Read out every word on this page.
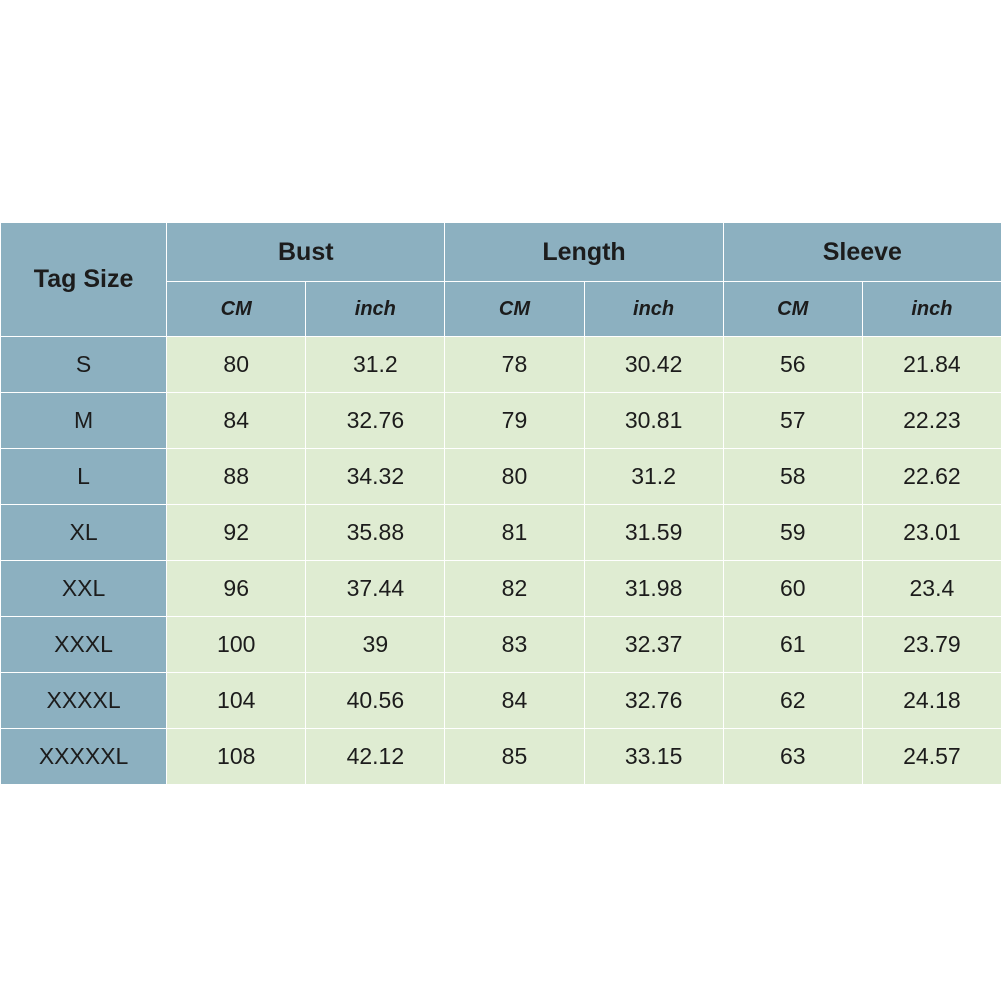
Tag Size	Bust		Length		Sleeve	
	CM	inch	CM	inch	CM	inch
S	80	31.2	78	30.42	56	21.84
M	84	32.76	79	30.81	57	22.23
L	88	34.32	80	31.2	58	22.62
XL	92	35.88	81	31.59	59	23.01
XXL	96	37.44	82	31.98	60	23.4
XXXL	100	39	83	32.37	61	23.79
XXXXL	104	40.56	84	32.76	62	24.18
XXXXXL	108	42.12	85	33.15	63	24.57
